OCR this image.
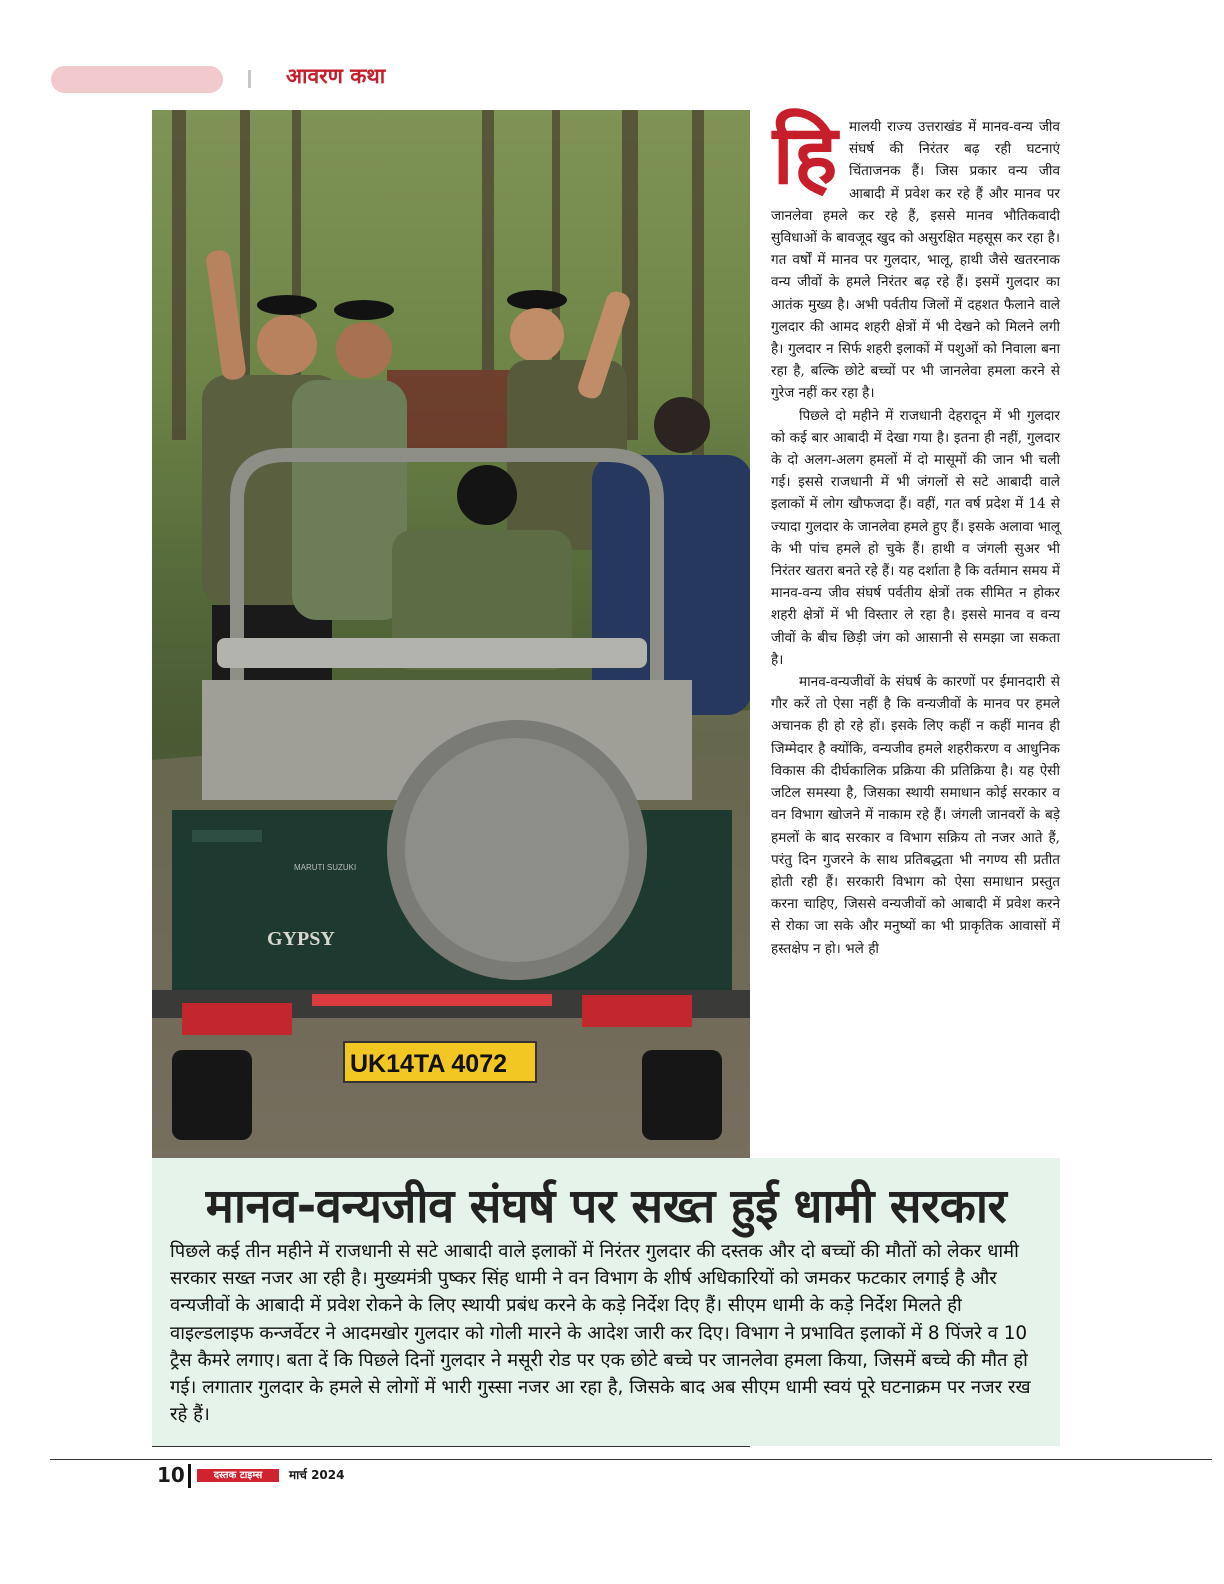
आवरण कथा
MARUTI SUZUKI
GYPSY
UK14TA 4072
हि मालयी राज्य उत्तराखंड में मानव-वन्य जीव संघर्ष की निरंतर बढ़ रही घटनाएं चिंताजनक हैं। जिस प्रकार वन्य जीव आबादी में प्रवेश कर रहे हैं और मानव पर जानलेवा हमले कर रहे हैं, इससे मानव भौतिकवादी सुविधाओं के बावजूद खुद को असुरक्षित महसूस कर रहा है। गत वर्षों में मानव पर गुलदार, भालू, हाथी जैसे खतरनाक वन्य जीवों के हमले निरंतर बढ़ रहे हैं। इसमें गुलदार का आतंक मुख्य है। अभी पर्वतीय जिलों में दहशत फैलाने वाले गुलदार की आमद शहरी क्षेत्रों में भी देखने को मिलने लगी है। गुलदार न सिर्फ शहरी इलाकों में पशुओं को निवाला बना रहा है, बल्कि छोटे बच्चों पर भी जानलेवा हमला करने से गुरेज नहीं कर रहा है।

पिछले दो महीने में राजधानी देहरादून में भी गुलदार को कई बार आबादी में देखा गया है। इतना ही नहीं, गुलदार के दो अलग-अलग हमलों में दो मासूमों की जान भी चली गई। इससे राजधानी में भी जंगलों से सटे आबादी वाले इलाकों में लोग खौफजदा हैं। वहीं, गत वर्ष प्रदेश में 14 से ज्यादा गुलदार के जानलेवा हमले हुए हैं। इसके अलावा भालू के भी पांच हमले हो चुके हैं। हाथी व जंगली सुअर भी निरंतर खतरा बनते रहे हैं। यह दर्शाता है कि वर्तमान समय में मानव-वन्य जीव संघर्ष पर्वतीय क्षेत्रों तक सीमित न होकर शहरी क्षेत्रों में भी विस्तार ले रहा है। इससे मानव व वन्य जीवों के बीच छिड़ी जंग को आसानी से समझा जा सकता है।

मानव-वन्यजीवों के संघर्ष के कारणों पर ईमानदारी से गौर करें तो ऐसा नहीं है कि वन्यजीवों के मानव पर हमले अचानक ही हो रहे हों। इसके लिए कहीं न कहीं मानव ही जिम्मेदार है क्योंकि, वन्यजीव हमले शहरीकरण व आधुनिक विकास की दीर्घकालिक प्रक्रिया की प्रतिक्रिया है। यह ऐसी जटिल समस्या है, जिसका स्थायी समाधान कोई सरकार व वन विभाग खोजने में नाकाम रहे हैं। जंगली जानवरों के बड़े हमलों के बाद सरकार व विभाग सक्रिय तो नजर आते हैं, परंतु दिन गुजरने के साथ प्रतिबद्धता भी नगण्य सी प्रतीत होती रही हैं। सरकारी विभाग को ऐसा समाधान प्रस्तुत करना चाहिए, जिससे वन्यजीवों को आबादी में प्रवेश करने से रोका जा सके और मनुष्यों का भी प्राकृतिक आवासों में हस्तक्षेप न हो। भले ही

मानव-वन्यजीव संघर्ष पर सख्त हुई धामी सरकार
पिछले कई तीन महीने में राजधानी से सटे आबादी वाले इलाकों में निरंतर गुलदार की दस्तक और दो बच्चों की मौतों को लेकर धामी सरकार सख्त नजर आ रही है। मुख्यमंत्री पुष्कर सिंह धामी ने वन विभाग के शीर्ष अधिकारियों को जमकर फटकार लगाई है और वन्यजीवों के आबादी में प्रवेश रोकने के लिए स्थायी प्रबंध करने के कड़े निर्देश दिए हैं। सीएम धामी के कड़े निर्देश मिलते ही वाइल्डलाइफ कन्जर्वेटर ने आदमखोर गुलदार को गोली मारने के आदेश जारी कर दिए। विभाग ने प्रभावित इलाकों में 8 पिंजरे व 10 ट्रैस कैमरे लगाए। बता दें कि पिछले दिनों गुलदार ने मसूरी रोड पर एक छोटे बच्चे पर जानलेवा हमला किया, जिसमें बच्चे की मौत हो गई। लगातार गुलदार के हमले से लोगों में भारी गुस्सा नजर आ रहा है, जिसके बाद अब सीएम धामी स्वयं पूरे घटनाक्रम पर नजर रख रहे हैं।
10	दस्तक टाइम्स	मार्च 2024
